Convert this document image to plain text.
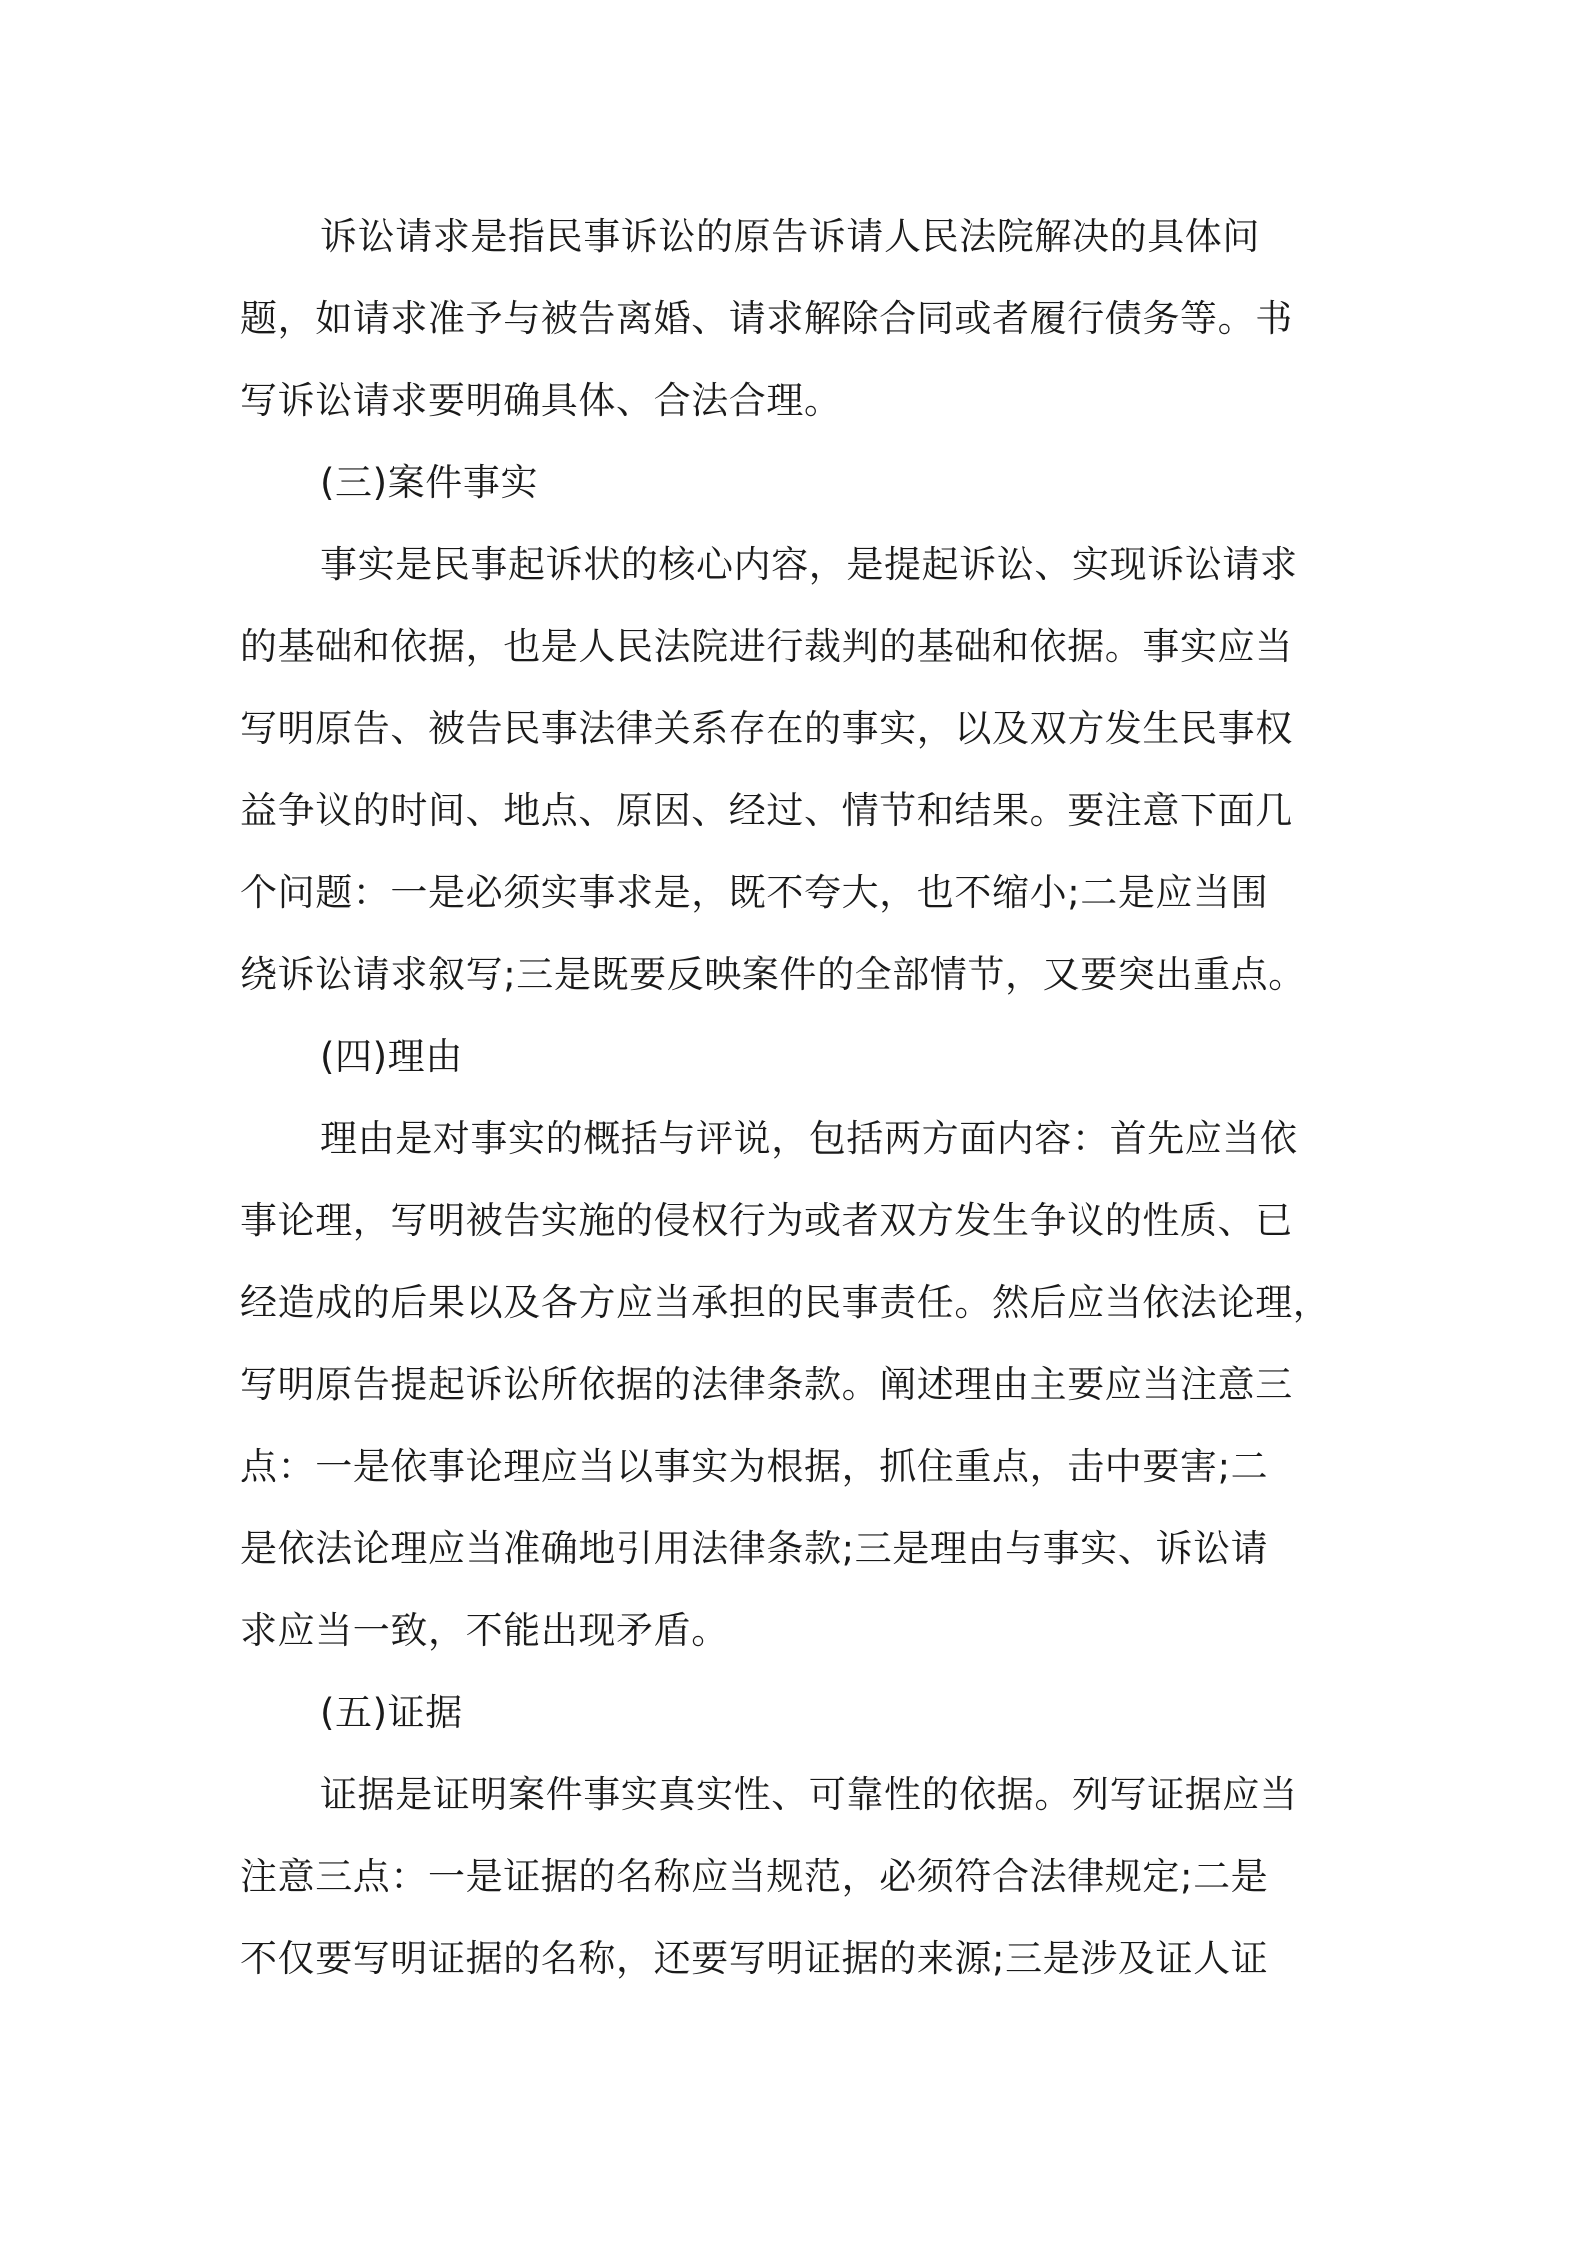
诉讼请求是指民事诉讼的原告诉请人民法院解决的具体问
题，如请求准予与被告离婚、请求解除合同或者履行债务等。书
写诉讼请求要明确具体、合法合理。
(三)案件事实
事实是民事起诉状的核心内容，是提起诉讼、实现诉讼请求
的基础和依据，也是人民法院进行裁判的基础和依据。事实应当
写明原告、被告民事法律关系存在的事实，以及双方发生民事权
益争议的时间、地点、原因、经过、情节和结果。要注意下面几
个问题：一是必须实事求是，既不夸大，也不缩小;二是应当围
绕诉讼请求叙写;三是既要反映案件的全部情节，又要突出重点。
(四)理由
理由是对事实的概括与评说，包括两方面内容：首先应当依
事论理，写明被告实施的侵权行为或者双方发生争议的性质、已
经造成的后果以及各方应当承担的民事责任。然后应当依法论理，
写明原告提起诉讼所依据的法律条款。阐述理由主要应当注意三
点：一是依事论理应当以事实为根据，抓住重点，击中要害;二
是依法论理应当准确地引用法律条款;三是理由与事实、诉讼请
求应当一致，不能出现矛盾。
(五)证据
证据是证明案件事实真实性、可靠性的依据。列写证据应当
注意三点：一是证据的名称应当规范，必须符合法律规定;二是
不仅要写明证据的名称，还要写明证据的来源;三是涉及证人证
